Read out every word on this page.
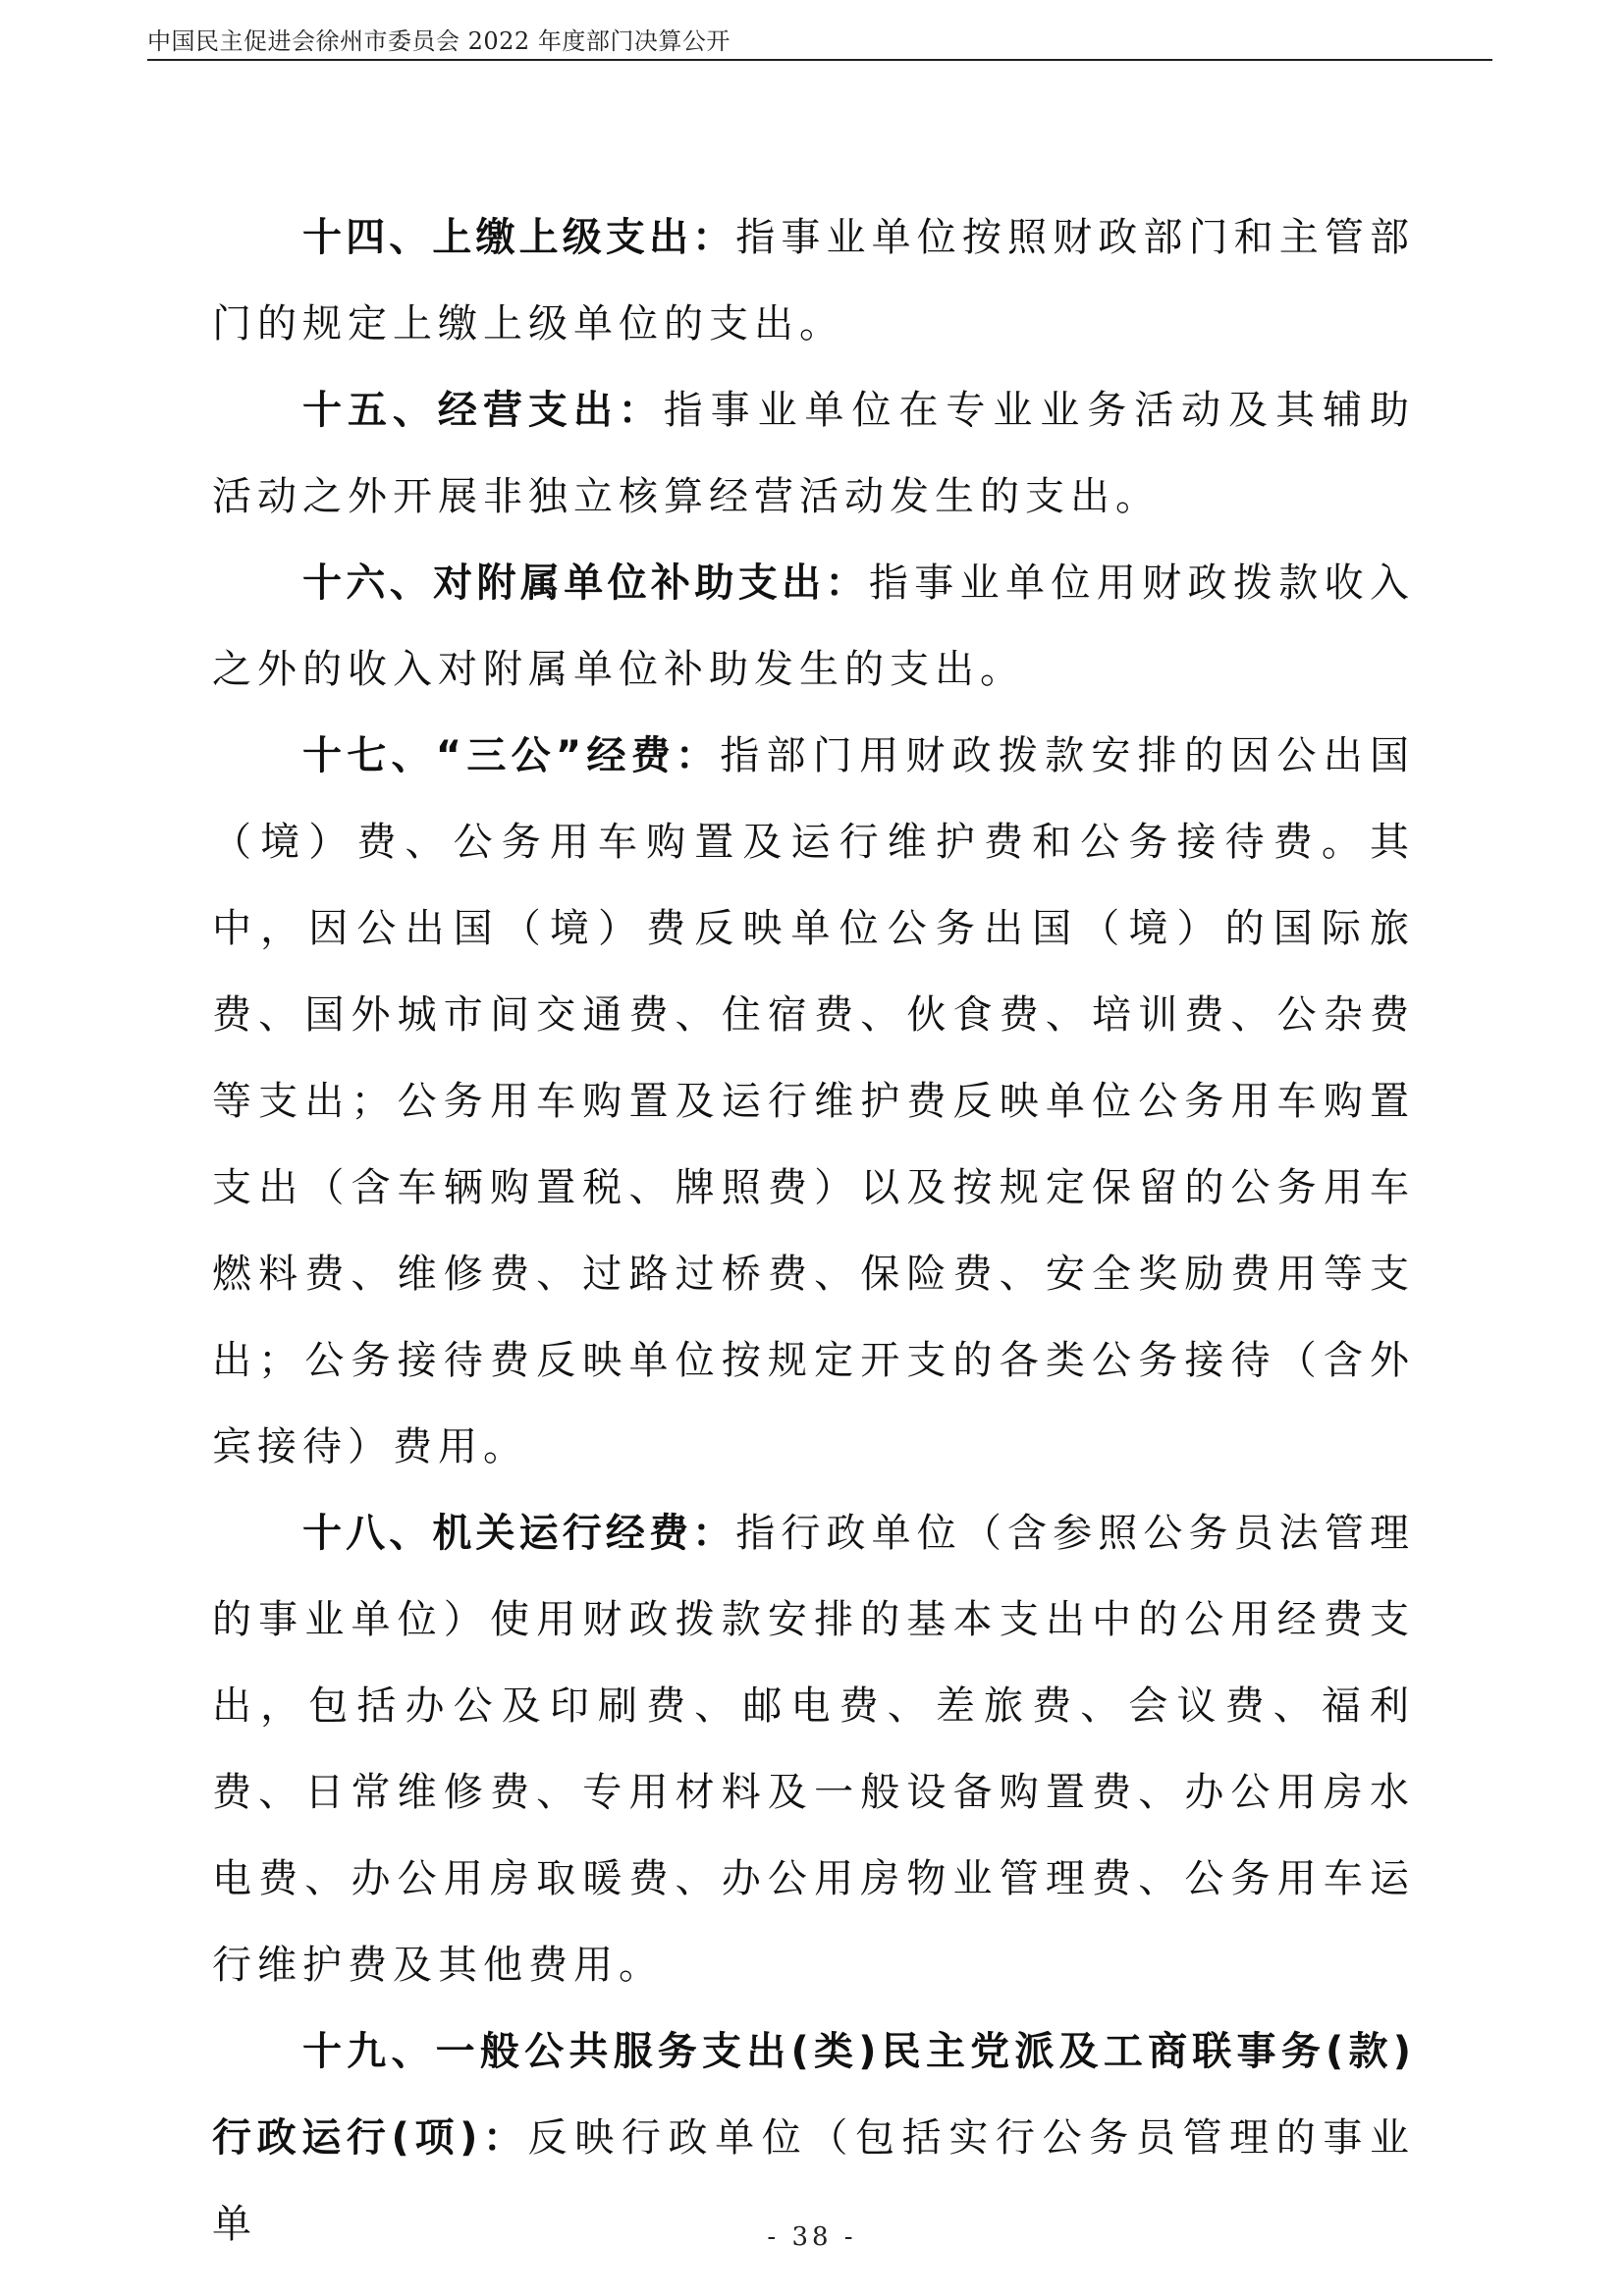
中国民主促进会徐州市委员会 2022 年度部门决算公开

十四、上缴上级支出：指事业单位按照财政部门和主管部门的规定上缴上级单位的支出。

十五、经营支出：指事业单位在专业业务活动及其辅助活动之外开展非独立核算经营活动发生的支出。

十六、对附属单位补助支出：指事业单位用财政拨款收入之外的收入对附属单位补助发生的支出。

十七、“三公”经费：指部门用财政拨款安排的因公出国（境）费、公务用车购置及运行维护费和公务接待费。其中，因公出国（境）费反映单位公务出国（境）的国际旅费、国外城市间交通费、住宿费、伙食费、培训费、公杂费等支出；公务用车购置及运行维护费反映单位公务用车购置支出（含车辆购置税、牌照费）以及按规定保留的公务用车燃料费、维修费、过路过桥费、保险费、安全奖励费用等支出；公务接待费反映单位按规定开支的各类公务接待（含外宾接待）费用。

十八、机关运行经费：指行政单位（含参照公务员法管理的事业单位）使用财政拨款安排的基本支出中的公用经费支出，包括办公及印刷费、邮电费、差旅费、会议费、福利费、日常维修费、专用材料及一般设备购置费、办公用房水电费、办公用房取暖费、办公用房物业管理费、公务用车运行维护费及其他费用。

十九、一般公共服务支出(类)民主党派及工商联事务(款)行政运行(项)：反映行政单位（包括实行公务员管理的事业单	- 38 -
